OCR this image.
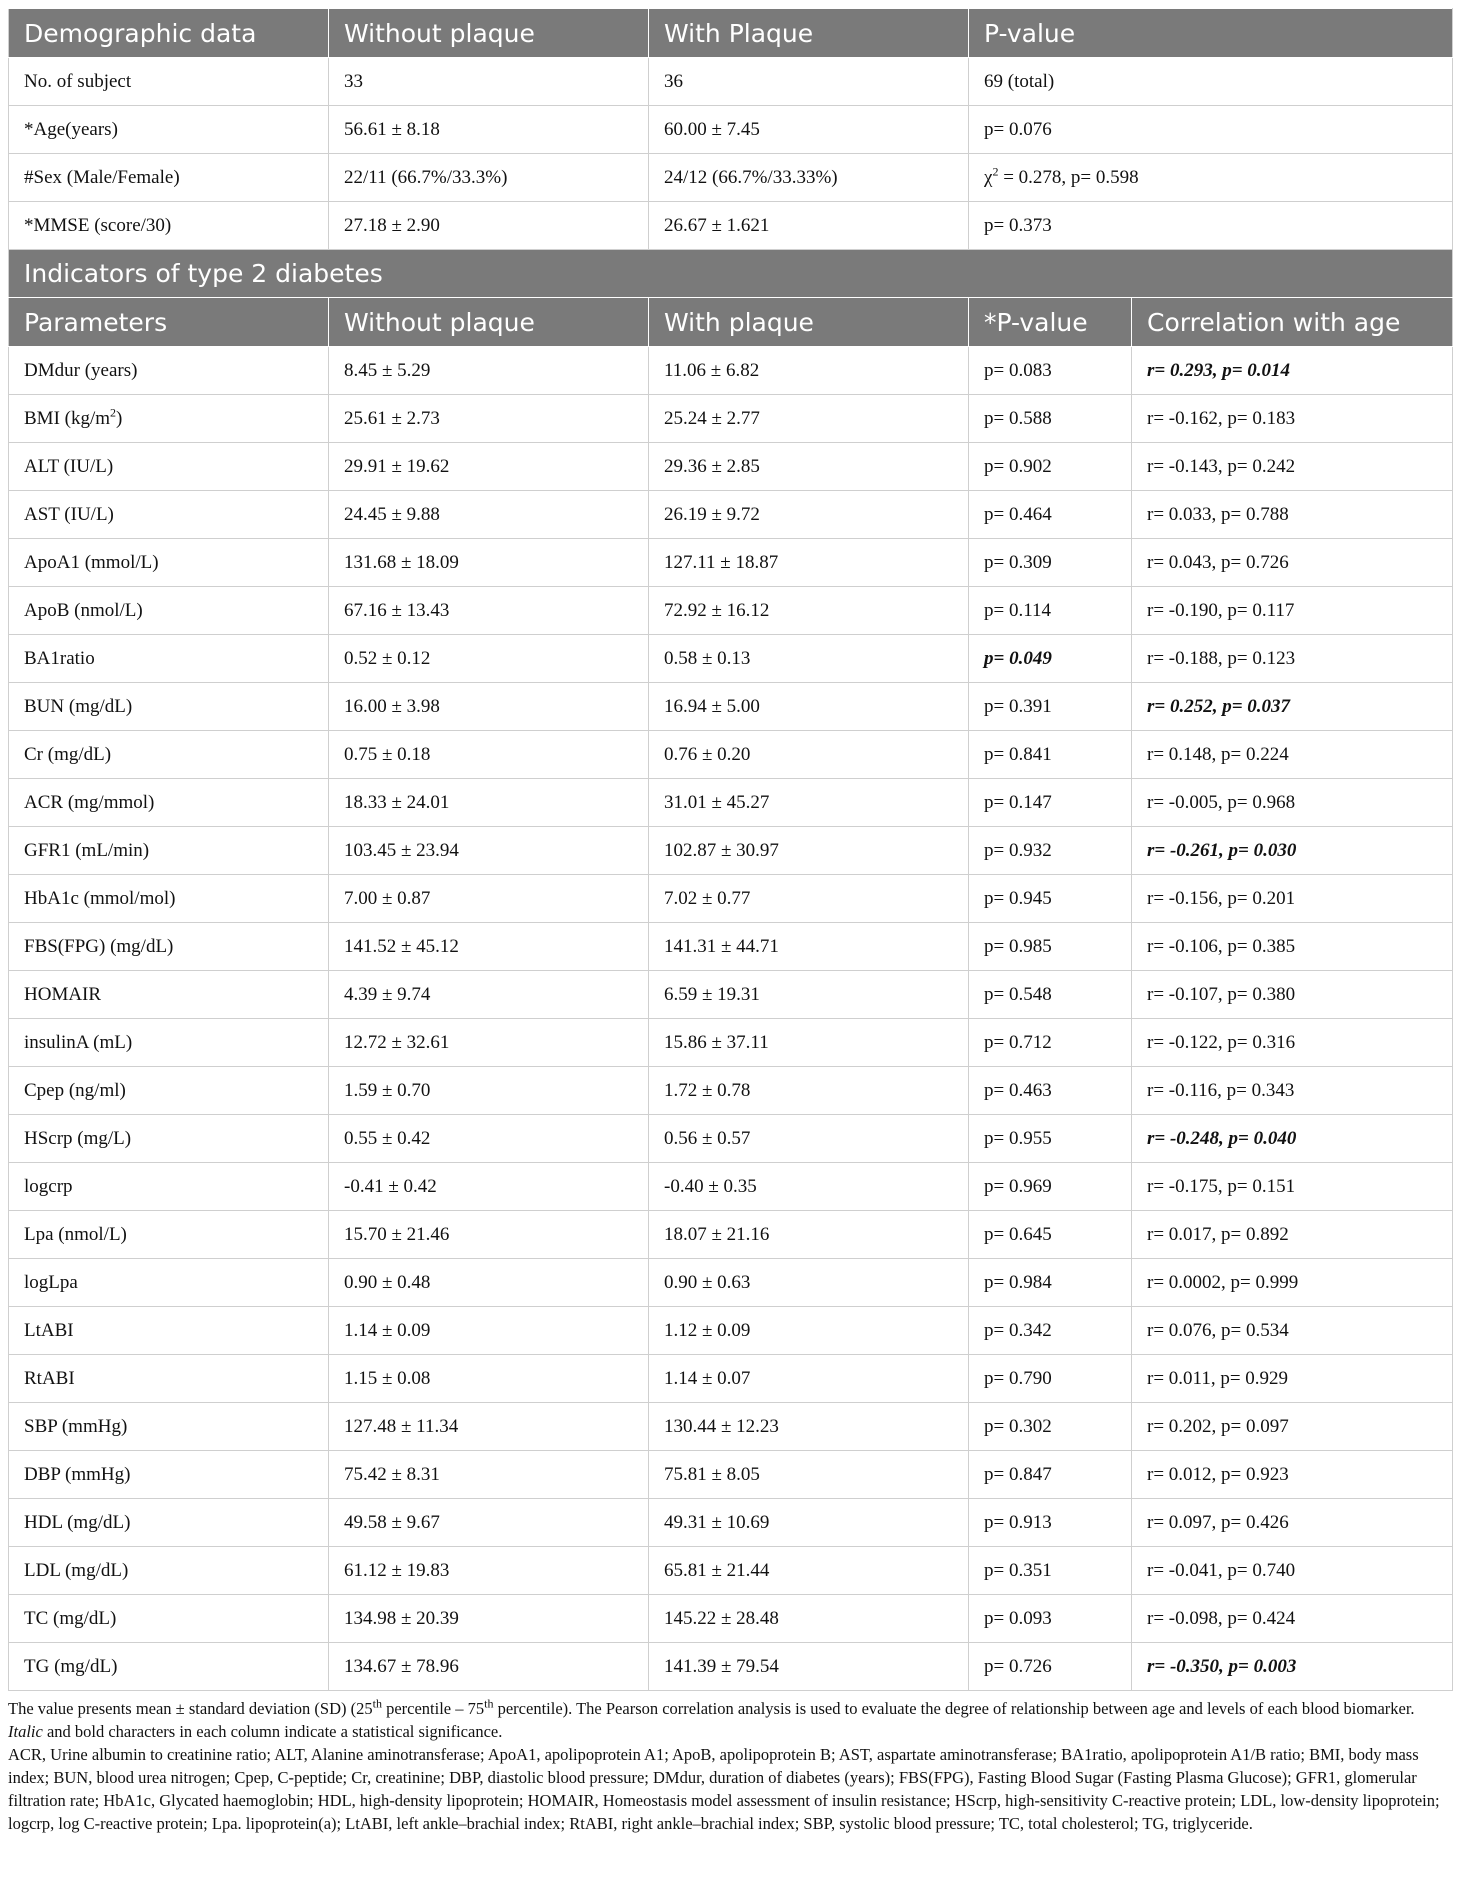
Demographic data	Without plaque	With Plaque	P-value	
No. of subject	33	36	69 (total)	
*Age(years)	56.61 ± 8.18	60.00 ± 7.45	p= 0.076	
#Sex (Male/Female)	22/11 (66.7%/33.3%)	24/12 (66.7%/33.33%)	$\chi^2 = 0.278$, p= 0.598	
*MMSE (score/30)	27.18 ± 2.90	26.67 ± 1.621	p= 0.373	
Indicators of type 2 diabetes				
Parameters	Without plaque	With plaque	*P-value	Correlation with age
DMdur (years)	8.45 ± 5.29	11.06 ± 6.82	p= 0.083	r= 0.293, p= 0.014
BMI $(kg/m^2)$	25.61 ± 2.73	25.24 ± 2.77	p= 0.588	r= -0.162, p= 0.183
ALT (IU/L)	29.91 ± 19.62	29.36 ± 2.85	p= 0.902	r= -0.143, p= 0.242
AST (IU/L)	24.45 ± 9.88	26.19 ± 9.72	p= 0.464	r= 0.033, p= 0.788
ApoA1 (mmol/L)	131.68 ± 18.09	127.11 ± 18.87	p= 0.309	r= 0.043, p= 0.726
ApoB (nmol/L)	67.16 ± 13.43	72.92 ± 16.12	p= 0.114	r= -0.190, p= 0.117
BA1ratio	0.52 ± 0.12	0.58 ± 0.13	p= 0.049	r= -0.188, p= 0.123
BUN (mg/dL)	16.00 ± 3.98	16.94 ± 5.00	p= 0.391	r= 0.252, p= 0.037
Cr (mg/dL)	0.75 ± 0.18	0.76 ± 0.20	p= 0.841	r= 0.148, p= 0.224
ACR (mg/mmol)	18.33 ± 24.01	31.01 ± 45.27	p= 0.147	r= -0.005, p= 0.968
GFR1 (mL/min)	103.45 ± 23.94	102.87 ± 30.97	p= 0.932	r= -0.261, p= 0.030
HbA1c (mmol/mol)	7.00 ± 0.87	7.02 ± 0.77	p= 0.945	r= -0.156, p= 0.201
FBS(FPG) (mg/dL)	141.52 ± 45.12	141.31 ± 44.71	p= 0.985	r= -0.106, p= 0.385
HOMAIR	4.39 ± 9.74	6.59 ± 19.31	p= 0.548	r= -0.107, p= 0.380
insulinA (mL)	12.72 ± 32.61	15.86 ± 37.11	p= 0.712	r= -0.122, p= 0.316
Cpep (ng/ml)	1.59 ± 0.70	1.72 ± 0.78	p= 0.463	r= -0.116, p= 0.343
HScrp (mg/L)	0.55 ± 0.42	0.56 ± 0.57	p= 0.955	r= -0.248, p= 0.040
logcrp	-0.41 ± 0.42	-0.40 ± 0.35	p= 0.969	r= -0.175, p= 0.151
Lpa (nmol/L)	15.70 ± 21.46	18.07 ± 21.16	p= 0.645	r= 0.017, p= 0.892
logLpa	0.90 ± 0.48	0.90 ± 0.63	p= 0.984	r= 0.0002, p= 0.999
LtABI	1.14 ± 0.09	1.12 ± 0.09	p= 0.342	r= 0.076, p= 0.534
RtABI	1.15 ± 0.08	1.14 ± 0.07	p= 0.790	r= 0.011, p= 0.929
SBP (mmHg)	127.48 ± 11.34	130.44 ± 12.23	p= 0.302	r= 0.202, p= 0.097
DBP (mmHg)	75.42 ± 8.31	75.81 ± 8.05	p= 0.847	r= 0.012, p= 0.923
HDL (mg/dL)	49.58 ± 9.67	49.31 ± 10.69	p= 0.913	r= 0.097, p= 0.426
LDL (mg/dL)	61.12 ± 19.83	65.81 ± 21.44	p= 0.351	r= -0.041, p= 0.740
TC (mg/dL)	134.98 ± 20.39	145.22 ± 28.48	p= 0.093	r= -0.098, p= 0.424
TG (mg/dL)	134.67 ± 78.96	141.39 ± 79.54	p= 0.726	r= -0.350, p= 0.003

The value presents mean ± standard deviation (SD) (25th percentile – 75th percentile). The Pearson correlation analysis is used to evaluate the degree of relationship between age and levels of each blood biomarker. Italic and bold characters in each column indicate a statistical significance.

ACR, Urine albumin to creatinine ratio; ALT, Alanine aminotransferase; ApoA1, apolipoprotein A1; ApoB, apolipoprotein B; AST, aspartate aminotransferase; BA1ratio, apolipoprotein A1/B ratio; BMI, body mass index; BUN, blood urea nitrogen; Cpep, C-peptide; Cr, creatinine; DBP, diastolic blood pressure; DMdur, duration of diabetes (years); FBS(FPG), Fasting Blood Sugar (Fasting Plasma Glucose); GFR1, glomerular filtration rate; HbA1c, Glycated haemoglobin; HDL, high-density lipoprotein; HOMAIR, Homeostasis model assessment of insulin resistance; HScrp, high-sensitivity C-reactive protein; LDL, low-density lipoprotein; logcrp, log C-reactive protein; Lpa. lipoprotein(a); LtABI, left ankle–brachial index; RtABI, right ankle–brachial index; SBP, systolic blood pressure; TC, total cholesterol; TG, triglyceride.
